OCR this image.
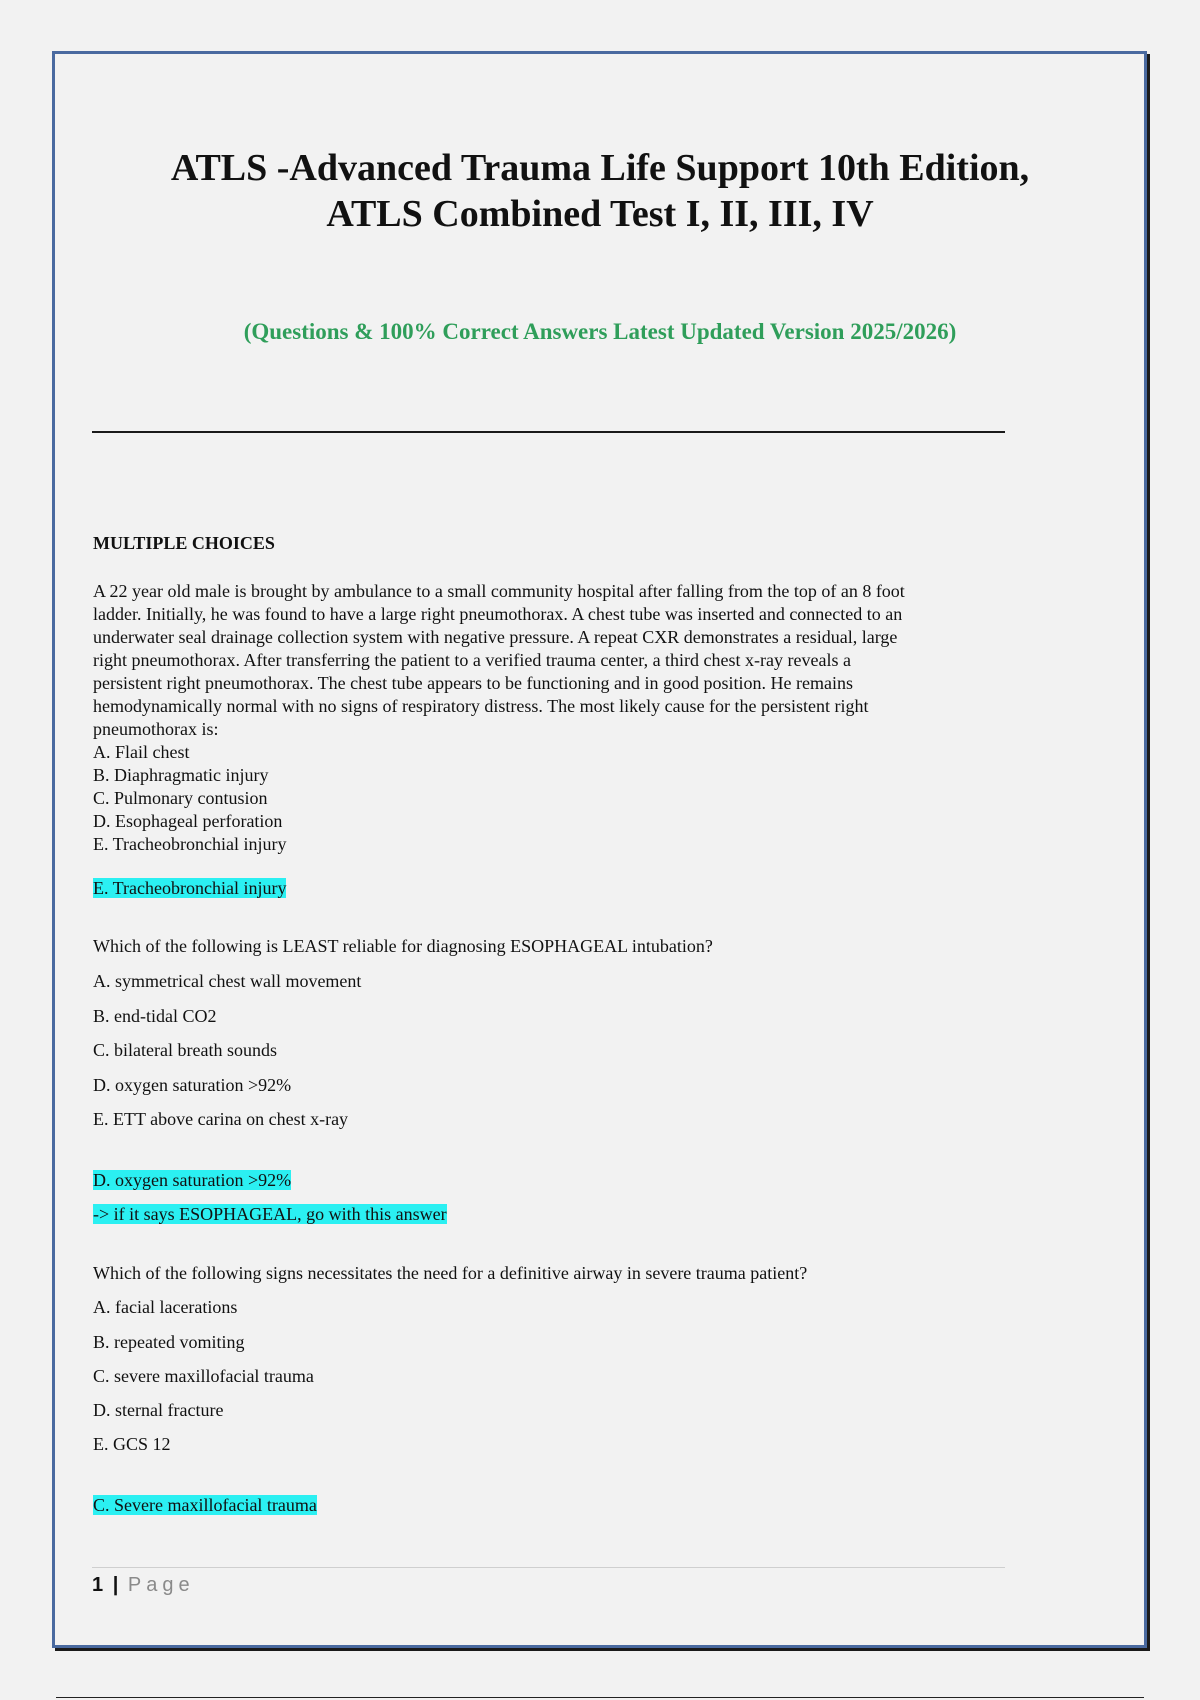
ATLS -Advanced Trauma Life Support 10th Edition,
ATLS Combined Test I, II, III, IV

(Questions & 100% Correct Answers Latest Updated Version 2025/2026)

MULTIPLE CHOICES
A 22 year old male is brought by ambulance to a small community hospital after falling from the top of an 8 foot
ladder. Initially, he was found to have a large right pneumothorax. A chest tube was inserted and connected to an
underwater seal drainage collection system with negative pressure. A repeat CXR demonstrates a residual, large
right pneumothorax. After transferring the patient to a verified trauma center, a third chest x-ray reveals a
persistent right pneumothorax. The chest tube appears to be functioning and in good position. He remains
hemodynamically normal with no signs of respiratory distress. The most likely cause for the persistent right
pneumothorax is:
A. Flail chest
B. Diaphragmatic injury
C. Pulmonary contusion
D. Esophageal perforation
E. Tracheobronchial injury
E. Tracheobronchial injury
Which of the following is LEAST reliable for diagnosing ESOPHAGEAL intubation?
A. symmetrical chest wall movement
B. end-tidal CO2
C. bilateral breath sounds
D. oxygen saturation >92%
E. ETT above carina on chest x-ray
D. oxygen saturation >92%
-> if it says ESOPHAGEAL, go with this answer
Which of the following signs necessitates the need for a definitive airway in severe trauma patient?
A. facial lacerations
B. repeated vomiting
C. severe maxillofacial trauma
D. sternal fracture
E. GCS 12
C. Severe maxillofacial trauma
1 | Page
